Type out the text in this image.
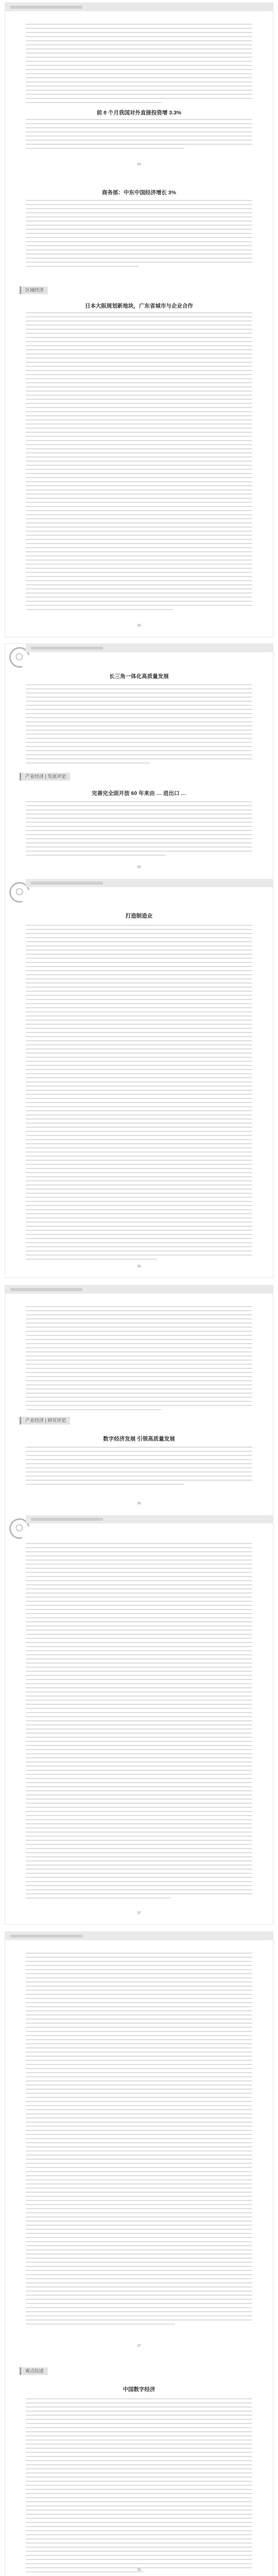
前 8 个月我国对外直接投资增 3.3%
34
商务部：中东中国经济增长 3%
区域经济
日本大阪规划新地块，广东省城市与企业合作
35
长三角一体化高质量发展
产业经济 | 发展评论
完善完全面开放 60 年来由 … 进出口 …
35
打造制造业
36
产业经济 | 研究评论
数字经济发展 引领高质量发展
36
37
37
观点综述
中国数字经济
38
